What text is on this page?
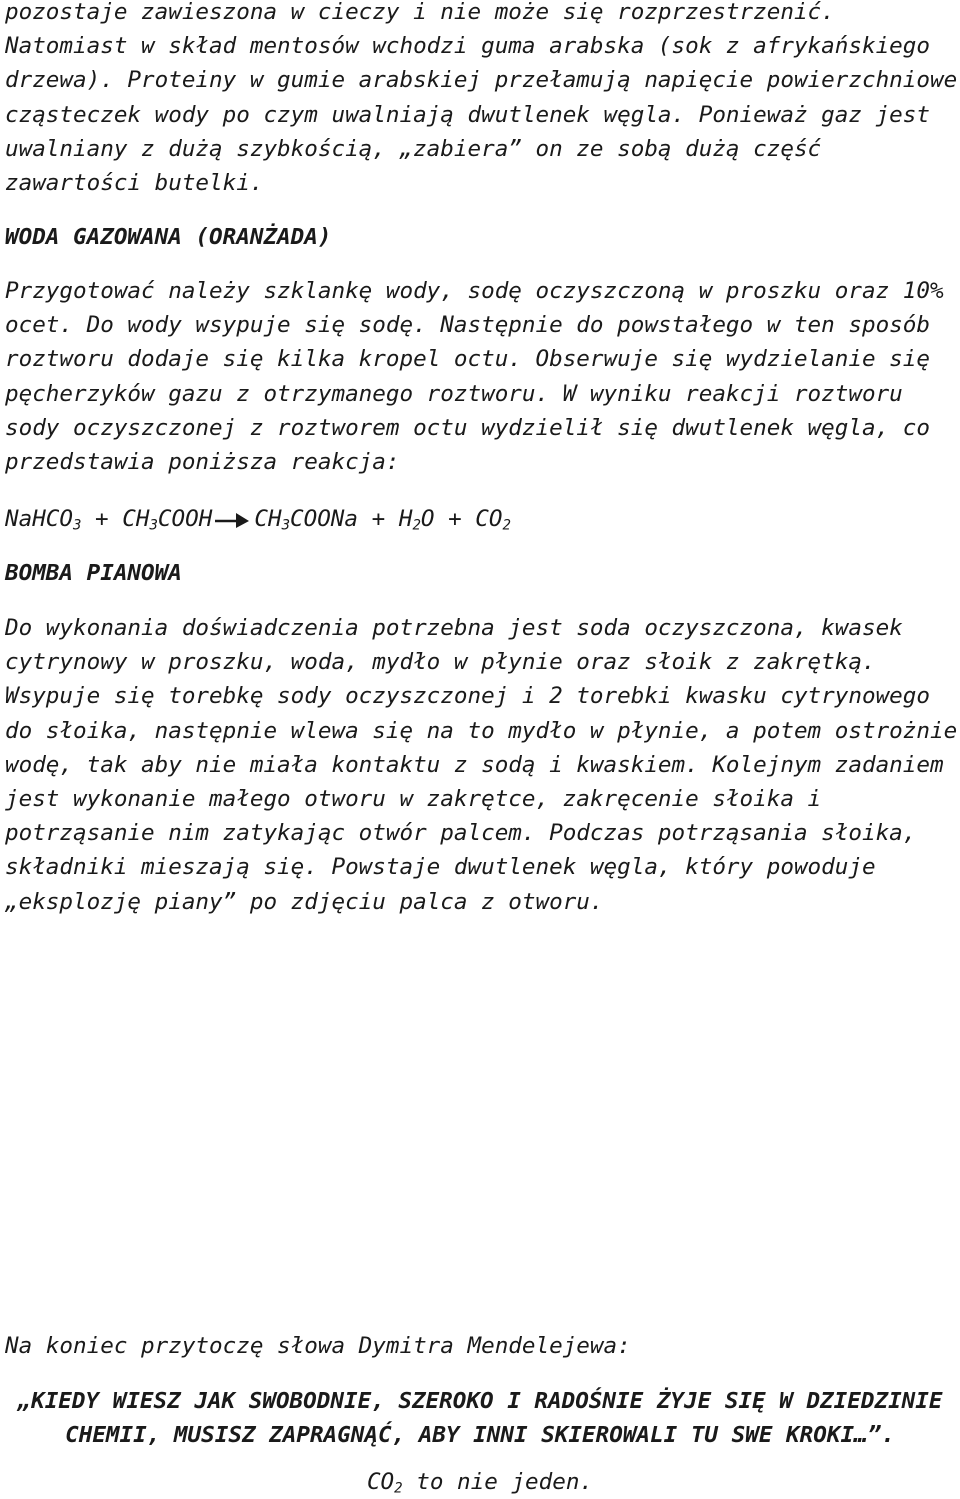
pozostaje zawieszona w cieczy i nie może się rozprzestrzenić. Natomiast w skład mentosów wchodzi guma arabska (sok z afrykańskiego drzewa). Proteiny w gumie arabskiej przełamują napięcie powierzchniowe cząsteczek wody po czym uwalniają dwutlenek węgla. Ponieważ gaz jest uwalniany z dużą szybkością, „zabiera” on ze sobą dużą część zawartości butelki.

WODA GAZOWANA (ORANŻADA)

Przygotować należy szklankę wody, sodę oczyszczoną w proszku oraz 10% ocet. Do wody wsypuje się sodę. Następnie do powstałego w ten sposób roztworu dodaje się kilka kropel octu. Obserwuje się wydzielanie się pęcherzyków gazu z otrzymanego roztworu. W wyniku reakcji roztworu sody oczyszczonej z roztworem octu wydzielił się dwutlenek węgla, co przedstawia poniższa reakcja:

NaHCO$_3$ + $CH_3COOH$ $CH_3COONa + H_2O + CO_2$

BOMBA PIANOWA

Do wykonania doświadczenia potrzebna jest soda oczyszczona, kwasek cytrynowy w proszku, woda, mydło w płynie oraz słoik z zakrętką. Wsypuje się torebkę sody oczyszczonej i 2 torebki kwasku cytrynowego do słoika, następnie wlewa się na to mydło w płynie, a potem ostrożnie wodę, tak aby nie miała kontaktu z sodą i kwaskiem. Kolejnym zadaniem jest wykonanie małego otworu w zakrętce, zakręcenie słoika i potrząsanie nim zatykając otwór palcem. Podczas potrząsania słoika, składniki mieszają się. Powstaje dwutlenek węgla, który powoduje „eksplozję piany” po zdjęciu palca z otworu.

Na koniec przytoczę słowa Dymitra Mendelejewa:

„KIEDY WIESZ JAK SWOBODNIE, SZEROKO I RADOŚNIE ŻYJE SIĘ W DZIEDZINIE

CHEMII, MUSISZ ZAPRAGNĄĆ, ABY INNI SKIEROWALI TU SWE KROKI…”.

$CO_2$ to nie jeden.
